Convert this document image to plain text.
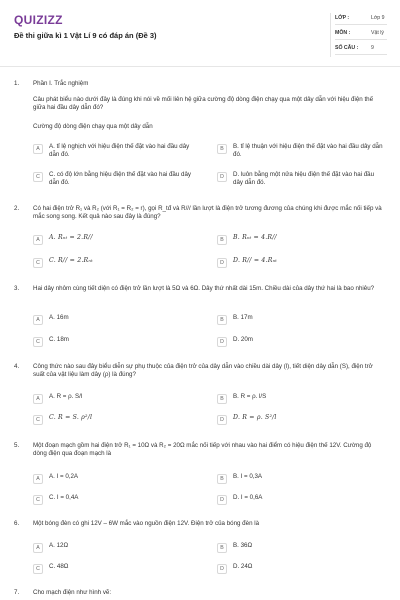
QUIZIZZ
Đề thi giữa kì 1 Vật Lí 9 có đáp án (Đề 3)
LỚP :	Lớp 9
MÔN :	Vật lý
SỐ CÂU : 9
1. Phần I. Trắc nghiệm
Câu phát biểu nào dưới đây là đúng khi nói về mối liên hệ giữa cường độ dòng điện chạy qua một dây dẫn với hiệu điện thế giữa hai đầu dây dẫn đó?
Cường độ dòng điện chạy qua một dây dẫn
A	A. tỉ lệ nghịch với hiệu điện thế đặt vào hai đầu dây dẫn đó.
B	B. tỉ lệ thuận với hiệu điện thế đặt vào hai đầu dây dẫn đó.
C	C. có độ lớn bằng hiệu điện thế đặt vào hai đầu dây dẫn đó.
D	D. luôn bằng một nửa hiệu điện thế đặt vào hai đầu dây dẫn đó.
2. Có hai điện trở R₁ và R₂ (với R₁ = R₂ = r), gọi R_tđ và R/// lần lượt là điện trở tương đương của chúng khi được mắc nối tiếp và mắc song song. Kết quả nào sau đây là đúng?
A	A. Rₙₜ = 2.R//	B	B. Rₙₜ = 4.R//
C	C. R// = 2.Rₙₜ	D	D. R// = 4.Rₙₜ
3. Hai dây nhôm cùng tiết diện có điện trở lần lượt là 5Ω và 6Ω. Dây thứ nhất dài 15m. Chiều dài của dây thứ hai là bao nhiêu?
A	A. 16m	B	B. 17m
C	C. 18m	D	D. 20m
4. Công thức nào sau đây biểu diễn sự phụ thuộc của điện trở của dây dẫn vào chiều dài dây (l), tiết diện dây dẫn (S), điện trở suất của vật liệu làm dây (ρ) là đúng?
A	A. R = ρ. S/l	B	B. R = ρ. l/S
C	C. R = S. ρ²/l	D	D. R = ρ. S²/l
5. Một đoạn mạch gồm hai điện trở R₁ = 10Ω và R₂ = 20Ω mắc nối tiếp với nhau vào hai điểm có hiệu điện thế 12V. Cường độ dòng điện qua đoạn mạch là
A	A. I = 0,2A	B	B. I = 0,3A
C	C. I = 0,4A	D	D. I = 0,6A
6. Một bóng đèn có ghi 12V – 6W mắc vào nguồn điện 12V. Điện trở của bóng đèn là
A	A. 12Ω	B	B. 36Ω
C	C. 48Ω	D	D. 24Ω
7. Cho mạch điện như hình vẽ:
